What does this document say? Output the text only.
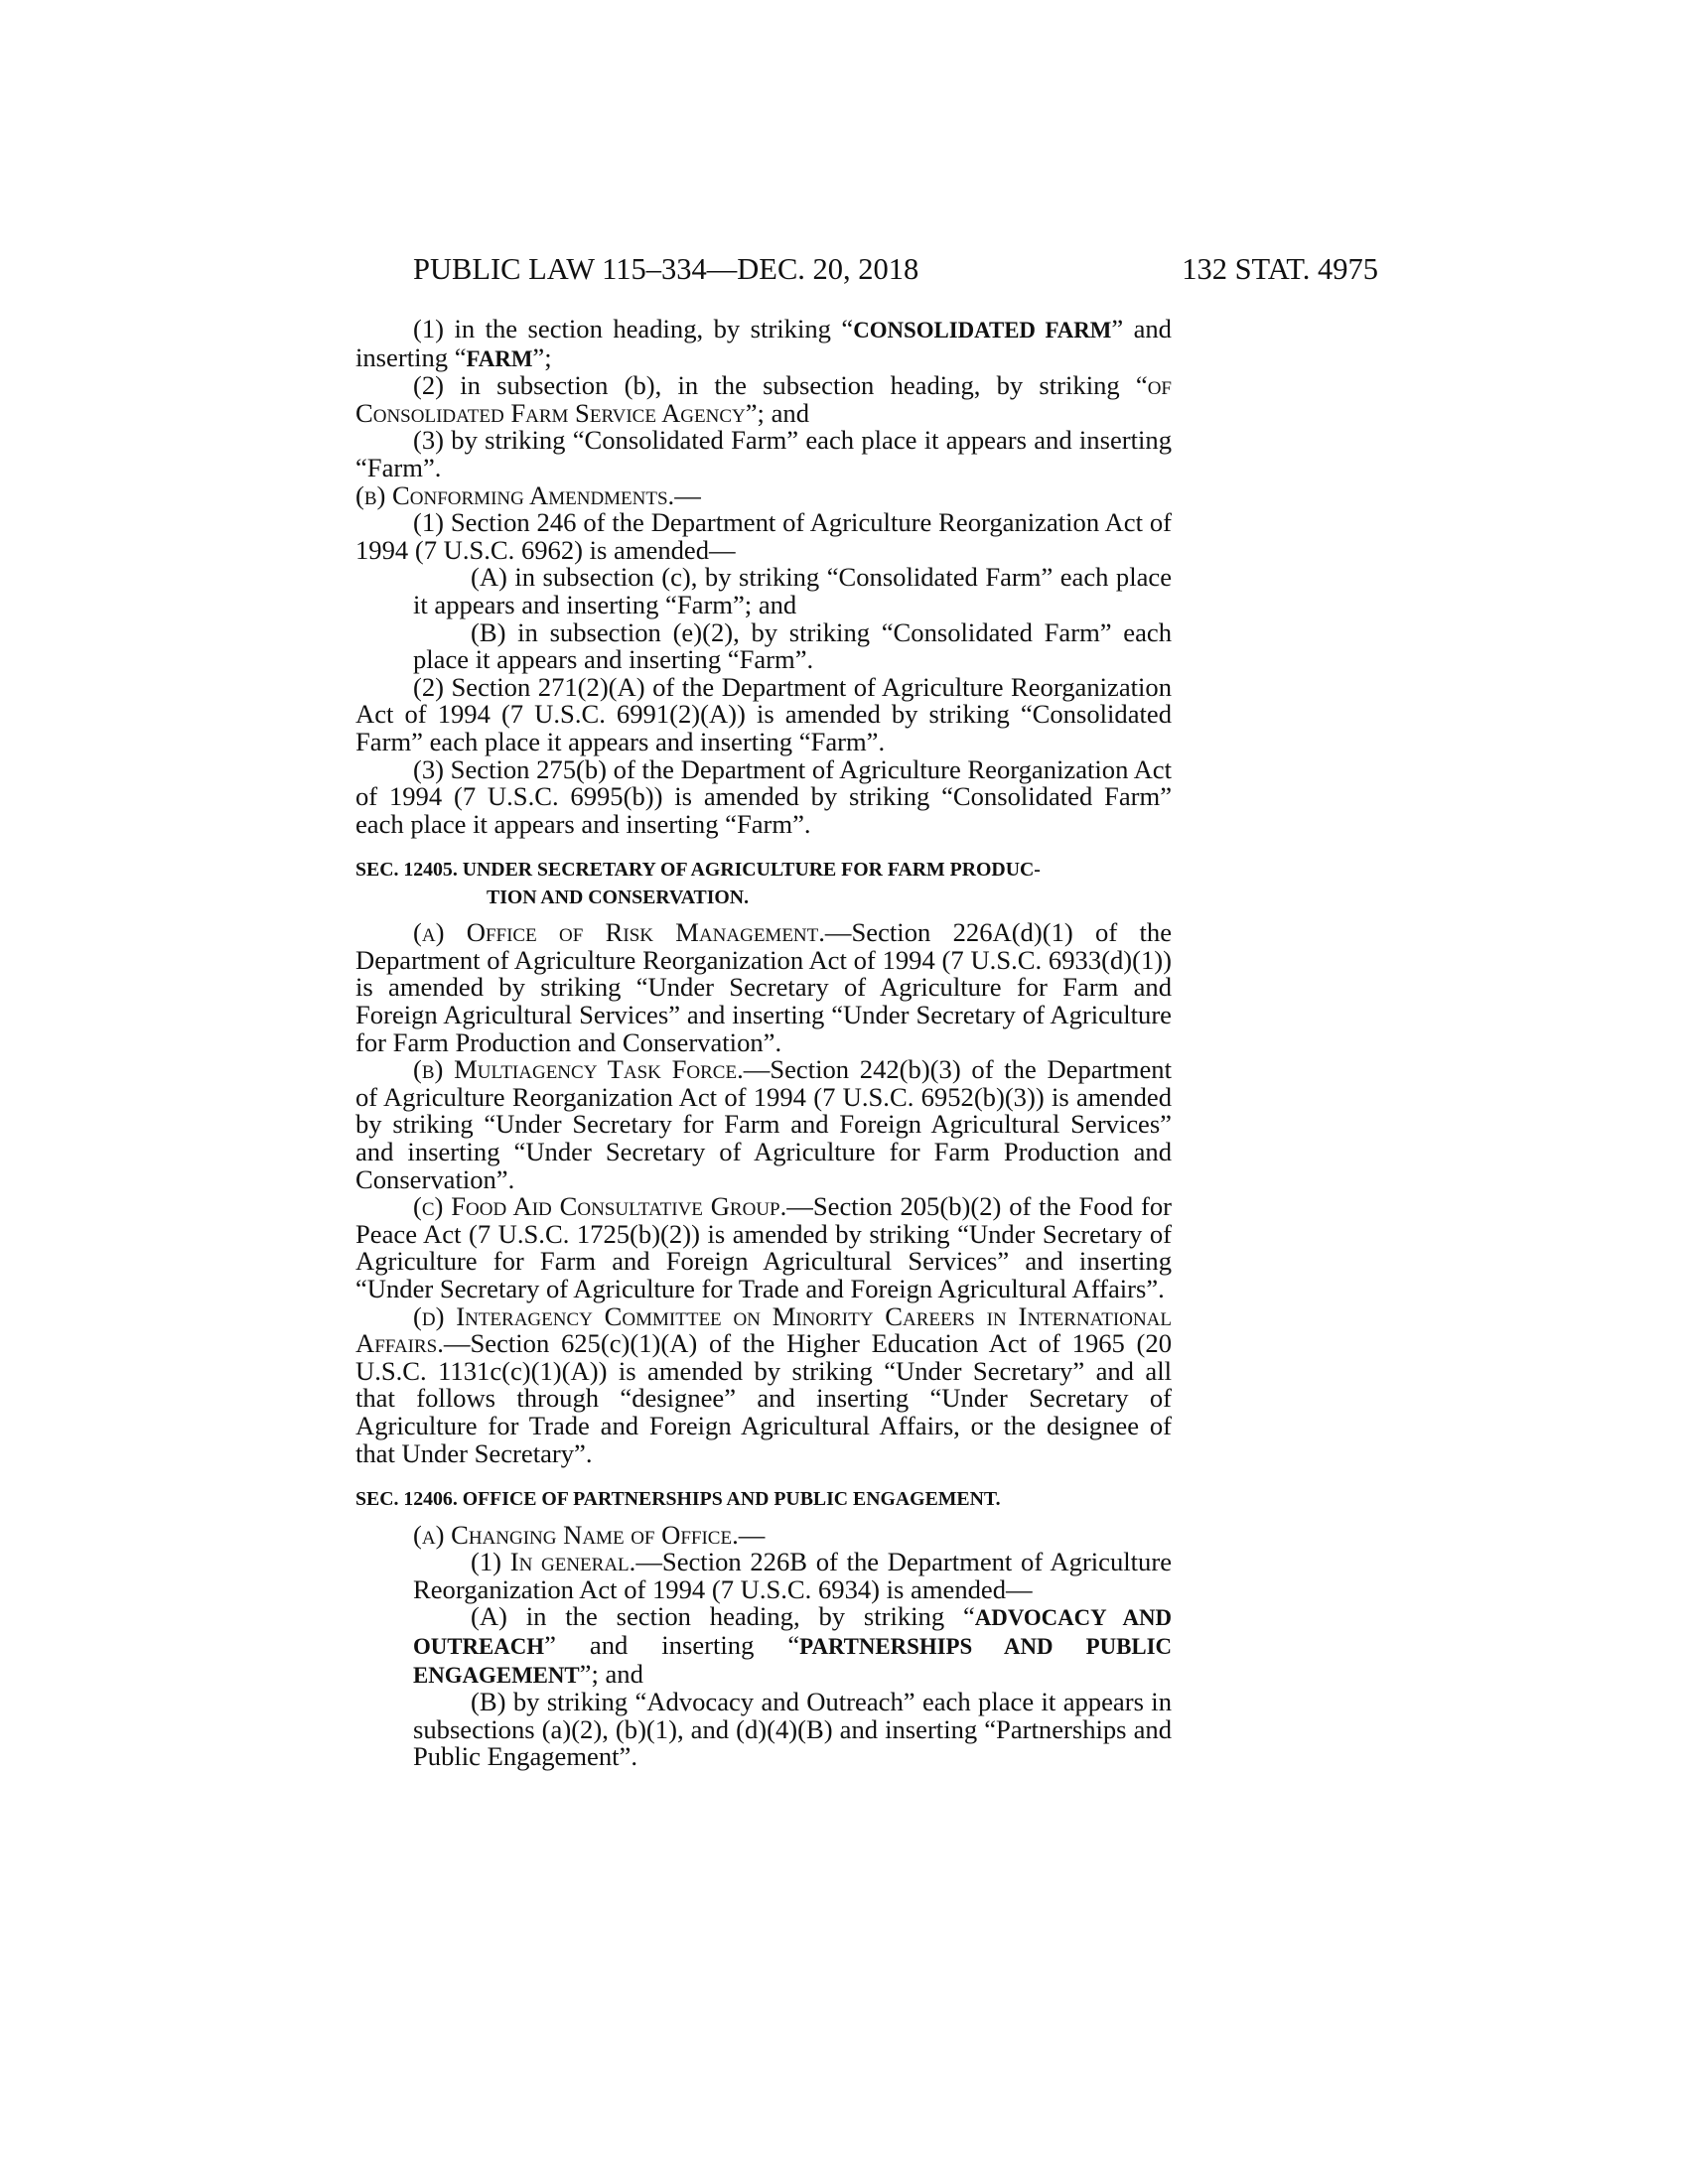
PUBLIC LAW 115–334—DEC. 20, 2018	132 STAT. 4975

(1) in the section heading, by striking “CONSOLIDATED FARM” and inserting “FARM”;

(2) in subsection (b), in the subsection heading, by striking “of Consolidated Farm Service Agency”; and

(3) by striking “Consolidated Farm” each place it appears and inserting “Farm”.

(b) Conforming Amendments.—

(1) Section 246 of the Department of Agriculture Reorganization Act of 1994 (7 U.S.C. 6962) is amended—

(A) in subsection (c), by striking “Consolidated Farm” each place it appears and inserting “Farm”; and

(B) in subsection (e)(2), by striking “Consolidated Farm” each place it appears and inserting “Farm”.

(2) Section 271(2)(A) of the Department of Agriculture Reorganization Act of 1994 (7 U.S.C. 6991(2)(A)) is amended by striking “Consolidated Farm” each place it appears and inserting “Farm”.

(3) Section 275(b) of the Department of Agriculture Reorganization Act of 1994 (7 U.S.C. 6995(b)) is amended by striking “Consolidated Farm” each place it appears and inserting “Farm”.

SEC. 12405. UNDER SECRETARY OF AGRICULTURE FOR FARM PRODUC-
TION AND CONSERVATION.

(a) Office of Risk Management.—Section 226A(d)(1) of the Department of Agriculture Reorganization Act of 1994 (7 U.S.C. 6933(d)(1)) is amended by striking “Under Secretary of Agriculture for Farm and Foreign Agricultural Services” and inserting “Under Secretary of Agriculture for Farm Production and Conservation”.

(b) Multiagency Task Force.—Section 242(b)(3) of the Department of Agriculture Reorganization Act of 1994 (7 U.S.C. 6952(b)(3)) is amended by striking “Under Secretary for Farm and Foreign Agricultural Services” and inserting “Under Secretary of Agriculture for Farm Production and Conservation”.

(c) Food Aid Consultative Group.—Section 205(b)(2) of the Food for Peace Act (7 U.S.C. 1725(b)(2)) is amended by striking “Under Secretary of Agriculture for Farm and Foreign Agricultural Services” and inserting “Under Secretary of Agriculture for Trade and Foreign Agricultural Affairs”.

(d) Interagency Committee on Minority Careers in International Affairs.—Section 625(c)(1)(A) of the Higher Education Act of 1965 (20 U.S.C. 1131c(c)(1)(A)) is amended by striking “Under Secretary” and all that follows through “designee” and inserting “Under Secretary of Agriculture for Trade and Foreign Agricultural Affairs, or the designee of that Under Secretary”.

SEC. 12406. OFFICE OF PARTNERSHIPS AND PUBLIC ENGAGEMENT.

(a) Changing Name of Office.—

(1) In general.—Section 226B of the Department of Agriculture Reorganization Act of 1994 (7 U.S.C. 6934) is amended—

(A) in the section heading, by striking “ADVOCACY AND OUTREACH” and inserting “PARTNERSHIPS AND PUBLIC ENGAGEMENT”; and

(B) by striking “Advocacy and Outreach” each place it appears in subsections (a)(2), (b)(1), and (d)(4)(B) and inserting “Partnerships and Public Engagement”.
